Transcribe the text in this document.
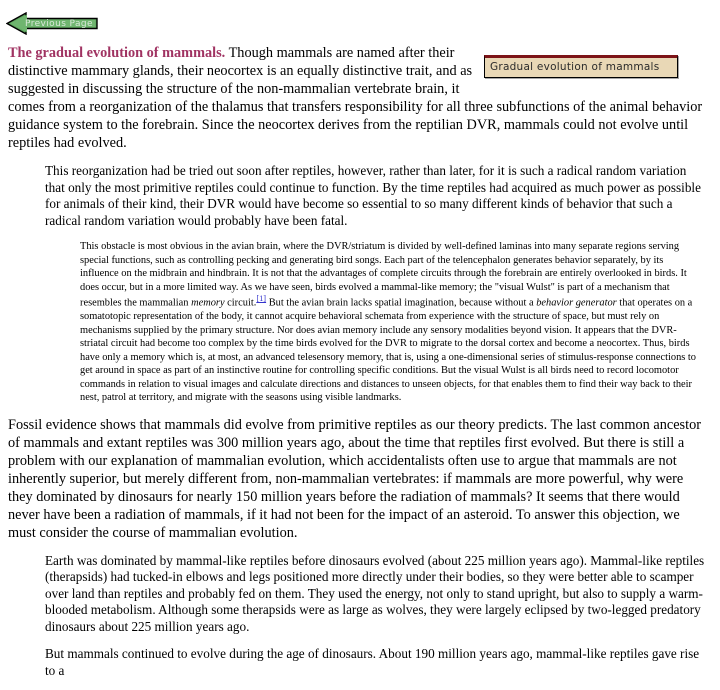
Previous Page
Gradual evolution of mammals

The gradual evolution of mammals. Though mammals are named after their distinctive mammary glands, their neocortex is an equally distinctive trait, and as suggested in discussing the structure of the non-mammalian vertebrate brain, it comes from a reorganization of the thalamus that transfers responsibility for all three subfunctions of the animal behavior guidance system to the forebrain. Since the neocortex derives from the reptilian DVR, mammals could not evolve until reptiles had evolved.

This reorganization had be tried out soon after reptiles, however, rather than later, for it is such a radical random variation that only the most primitive reptiles could continue to function. By the time reptiles had acquired as much power as possible for animals of their kind, their DVR would have become so essential to so many different kinds of behavior that such a radical random variation would probably have been fatal.

This obstacle is most obvious in the avian brain, where the DVR/striatum is divided by well-defined laminas into many separate regions serving special functions, such as controlling pecking and generating bird songs. Each part of the telencephalon generates behavior separately, by its influence on the midbrain and hindbrain. It is not that the advantages of complete circuits through the forebrain are entirely overlooked in birds. It does occur, but in a more limited way. As we have seen, birds evolved a mammal-like memory; the "visual Wulst" is part of a mechanism that resembles the mammalian memory circuit.[1] But the avian brain lacks spatial imagination, because without a behavior generator that operates on a somatotopic representation of the body, it cannot acquire behavioral schemata from experience with the structure of space, but must rely on mechanisms supplied by the primary structure. Nor does avian memory include any sensory modalities beyond vision. It appears that the DVR-striatal circuit had become too complex by the time birds evolved for the DVR to migrate to the dorsal cortex and become a neocortex. Thus, birds have only a memory which is, at most, an advanced telesensory memory, that is, using a one-dimensional series of stimulus-response connections to get around in space as part of an instinctive routine for controlling specific conditions. But the visual Wulst is all birds need to record locomotor commands in relation to visual images and calculate directions and distances to unseen objects, for that enables them to find their way back to their nest, patrol at territory, and migrate with the seasons using visible landmarks.

Fossil evidence shows that mammals did evolve from primitive reptiles as our theory predicts. The last common ancestor of mammals and extant reptiles was 300 million years ago, about the time that reptiles first evolved. But there is still a problem with our explanation of mammalian evolution, which accidentalists often use to argue that mammals are not inherently superior, but merely different from, non-mammalian vertebrates: if mammals are more powerful, why were they dominated by dinosaurs for nearly 150 million years before the radiation of mammals? It seems that there would never have been a radiation of mammals, if it had not been for the impact of an asteroid. To answer this objection, we must consider the course of mammalian evolution.

Earth was dominated by mammal-like reptiles before dinosaurs evolved (about 225 million years ago). Mammal-like reptiles (therapsids) had tucked-in elbows and legs positioned more directly under their bodies, so they were better able to scamper over land than reptiles and probably fed on them. They used the energy, not only to stand upright, but also to supply a warm-blooded metabolism. Although some therapsids were as large as wolves, they were largely eclipsed by two-legged predatory dinosaurs about 225 million years ago.

But mammals continued to evolve during the age of dinosaurs. About 190 million years ago, mammal-like reptiles gave rise to a
